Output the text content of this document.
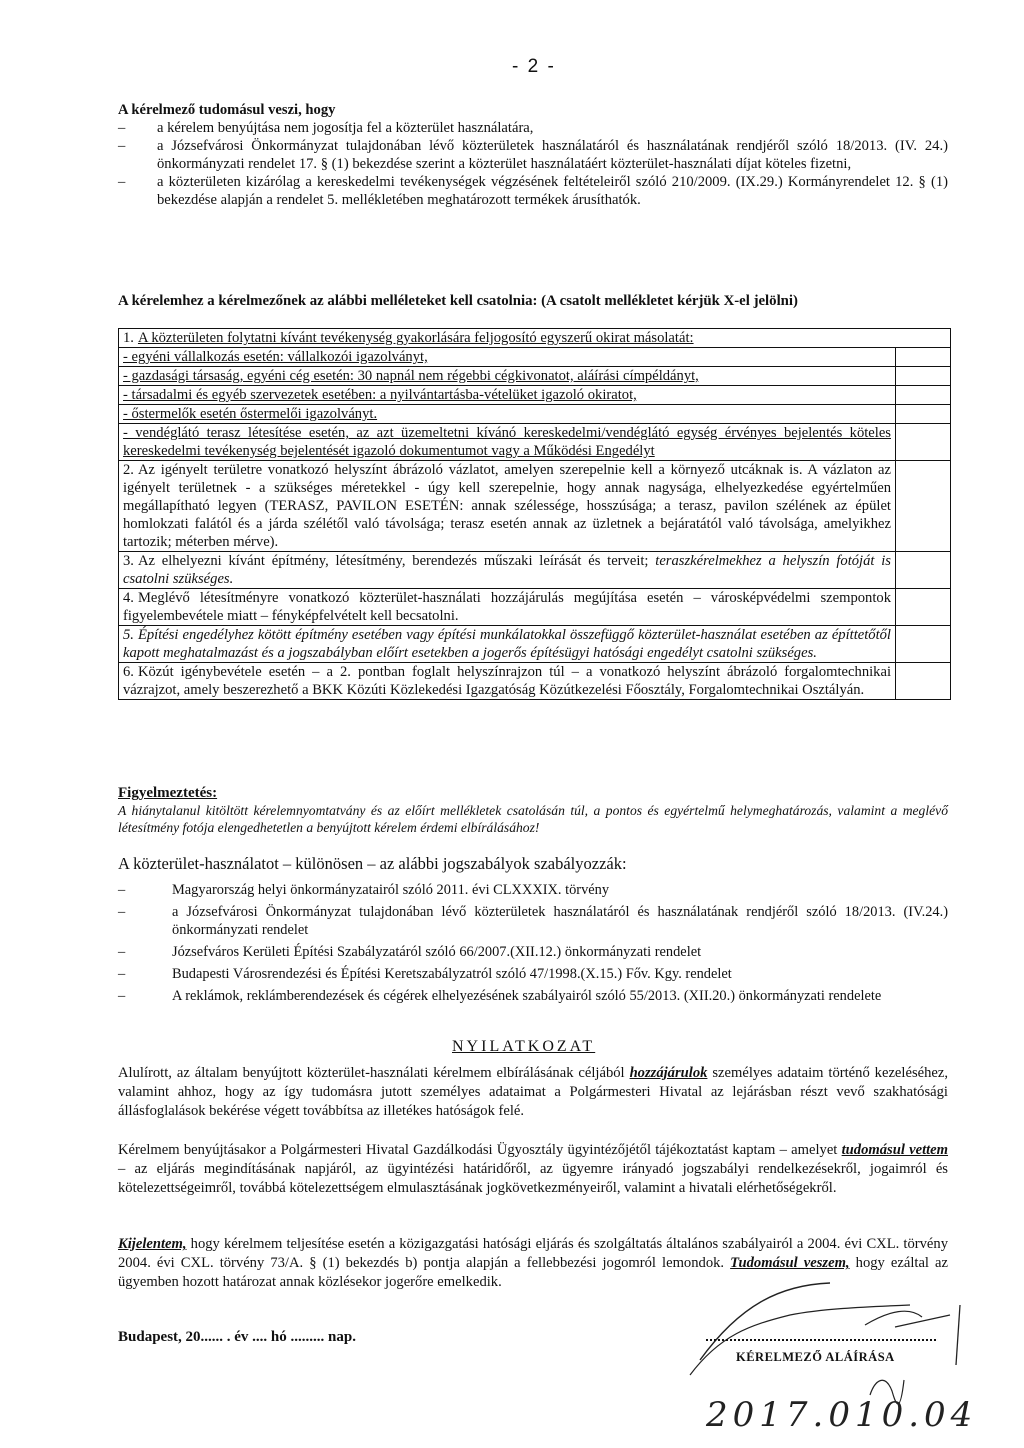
- 2 -
A kérelmező tudomásul veszi, hogy
– a kérelem benyújtása nem jogosítja fel a közterület használatára,
– a Józsefvárosi Önkormányzat tulajdonában lévő közterületek használatáról és használatának rendjéről szóló 18/2013. (IV. 24.) önkormányzati rendelet 17. § (1) bekezdése szerint a közterület használatáért közterület-használati díjat köteles fizetni,
– a közterületen kizárólag a kereskedelmi tevékenységek végzésének feltételeiről szóló 210/2009. (IX.29.) Kormányrendelet 12. § (1) bekezdése alapján a rendelet 5. mellékletében meghatározott termékek árusíthatók.
A kérelemhez a kérelmezőnek az alábbi melléleteket kell csatolnia: (A csatolt mellékletet kérjük X-el jelölni)
1. A közterületen folytatni kívánt tevékenység gyakorlására feljogosító egyszerű okirat másolatát:	
- egyéni vállalkozás esetén: vállalkozói igazolványt,	
- gazdasági társaság, egyéni cég esetén: 30 napnál nem régebbi cégkivonatot, aláírási címpéldányt,	
- társadalmi és egyéb szervezetek esetében: a nyilvántartásba-vételüket igazoló okiratot,	
- őstermelők esetén őstermelői igazolványt.	
- vendéglátó terasz létesítése esetén, az azt üzemeltetni kívánó kereskedelmi/vendéglátó egység érvényes bejelentés köteles kereskedelmi tevékenység bejelentését igazoló dokumentumot vagy a Működési Engedélyt	
2. Az igényelt területre vonatkozó helyszínt ábrázoló vázlatot, amelyen szerepelnie kell a környező utcáknak is. A vázlaton az igényelt területnek - a szükséges méretekkel - úgy kell szerepelnie, hogy annak nagysága, elhelyezkedése egyértelműen megállapítható legyen (TERASZ, PAVILON ESETÉN: annak szélessége, hosszúsága; a terasz, pavilon szélének az épület homlokzati falától és a járda szélétől való távolsága; terasz esetén annak az üzletnek a bejáratától való távolsága, amelyikhez tartozik; méterben mérve).	
3. Az elhelyezni kívánt építmény, létesítmény, berendezés műszaki leírását és terveit; teraszkérelmekhez a helyszín fotóját is csatolni szükséges.	
4. Meglévő létesítményre vonatkozó közterület-használati hozzájárulás megújítása esetén – városképvédelmi szempontok figyelembevétele miatt – fényképfelvételt kell becsatolni.	
5. Építési engedélyhez kötött építmény esetében vagy építési munkálatokkal összefüggő közterület-használat esetében az építtetőtől kapott meghatalmazást és a jogszabályban előírt esetekben a jogerős építésügyi hatósági engedélyt csatolni szükséges.	
6. Közút igénybevétele esetén – a 2. pontban foglalt helyszínrajzon túl – a vonatkozó helyszínt ábrázoló forgalomtechnikai vázrajzot, amely beszerezhető a BKK Közúti Közlekedési Igazgatóság Közútkezelési Főosztály, Forgalomtechnikai Osztályán.	
Figyelmeztetés:
A hiánytalanul kitöltött kérelemnyomtatvány és az előírt mellékletek csatolásán túl, a pontos és egyértelmű helymeghatározás, valamint a meglévő létesítmény fotója elengedhetetlen a benyújtott kérelem érdemi elbírálásához!
A közterület-használatot – különösen – az alábbi jogszabályok szabályozzák:
– Magyarország helyi önkormányzatairól szóló 2011. évi CLXXXIX. törvény
– a Józsefvárosi Önkormányzat tulajdonában lévő közterületek használatáról és használatának rendjéről szóló 18/2013. (IV.24.) önkormányzati rendelet
– Józsefváros Kerületi Építési Szabályzatáról szóló 66/2007.(XII.12.) önkormányzati rendelet
– Budapesti Városrendezési és Építési Keretszabályzatról szóló 47/1998.(X.15.) Főv. Kgy. rendelet
– A reklámok, reklámberendezések és cégérek elhelyezésének szabályairól szóló 55/2013. (XII.20.) önkormányzati rendelete
NYILATKOZAT
Alulírott, az általam benyújtott közterület-használati kérelmem elbírálásának céljából hozzájárulok személyes adataim történő kezeléséhez, valamint ahhoz, hogy az így tudomásra jutott személyes adataimat a Polgármesteri Hivatal az lejárásban részt vevő szakhatósági állásfoglalások bekérése végett továbbítsa az illetékes hatóságok felé.
Kérelmem benyújtásakor a Polgármesteri Hivatal Gazdálkodási Ügyosztály ügyintézőjétől tájékoztatást kaptam – amelyet tudomásul vettem – az eljárás megindításának napjáról, az ügyintézési határidőről, az ügyemre irányadó jogszabályi rendelkezésekről, jogaimról és kötelezettségeimről, továbbá kötelezettségem elmulasztásának jogkövetkezményeiről, valamint a hivatali elérhetőségekről.
Kijelentem, hogy kérelmem teljesítése esetén a közigazgatási hatósági eljárás és szolgáltatás általános szabályairól a 2004. évi CXL. törvény 2004. évi CXL. törvény 73/A. § (1) bekezdés b) pontja alapján a fellebbezési jogomról lemondok. Tudomásul veszem, hogy ezáltal az ügyemben hozott határozat annak közlésekor jogerőre emelkedik.
Budapest, 20...... . év .... hó ......... nap.
KÉRELMEZŐ ALÁÍRÁSA
2017.010.04
